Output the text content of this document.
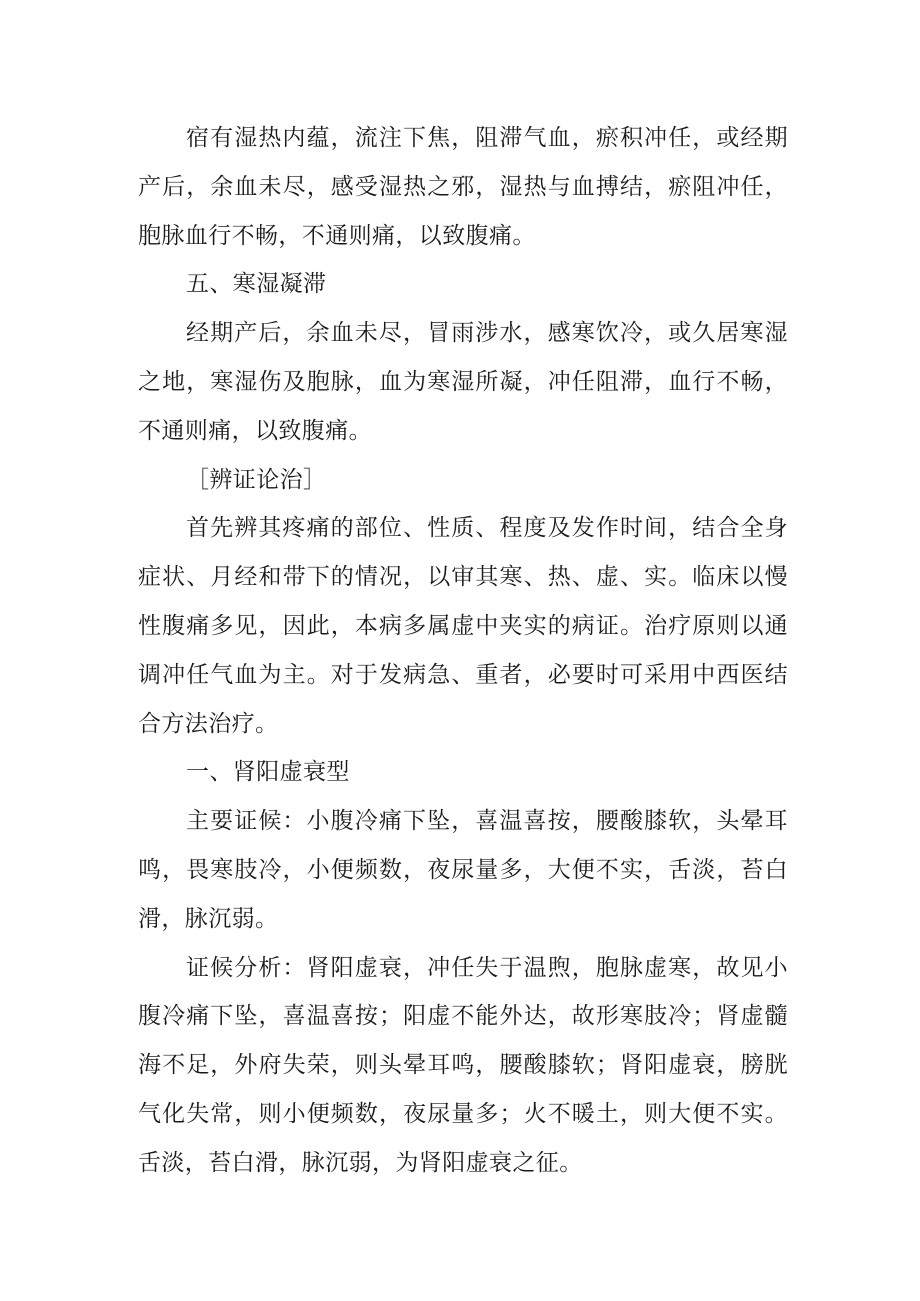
宿有湿热内蕴，流注下焦，阻滞气血，瘀积冲任，或经期产后，余血未尽，感受湿热之邪，湿热与血搏结，瘀阻冲任，胞脉血行不畅，不通则痛，以致腹痛。

五、寒湿凝滞

经期产后，余血未尽，冒雨涉水，感寒饮冷，或久居寒湿之地，寒湿伤及胞脉，血为寒湿所凝，冲任阻滞，血行不畅，不通则痛，以致腹痛。

［辨证论治］

首先辨其疼痛的部位、性质、程度及发作时间，结合全身症状、月经和带下的情况，以审其寒、热、虚、实。临床以慢性腹痛多见，因此，本病多属虚中夹实的病证。治疗原则以通调冲任气血为主。对于发病急、重者，必要时可采用中西医结合方法治疗。

一、肾阳虚衰型

主要证候：小腹冷痛下坠，喜温喜按，腰酸膝软，头晕耳鸣，畏寒肢冷，小便频数，夜尿量多，大便不实，舌淡，苔白滑，脉沉弱。

证候分析：肾阳虚衰，冲任失于温煦，胞脉虚寒，故见小腹冷痛下坠，喜温喜按；阳虚不能外达，故形寒肢冷；肾虚髓海不足，外府失荣，则头晕耳鸣，腰酸膝软；肾阳虚衰，膀胱气化失常，则小便频数，夜尿量多；火不暖土，则大便不实。舌淡，苔白滑，脉沉弱，为肾阳虚衰之征。
